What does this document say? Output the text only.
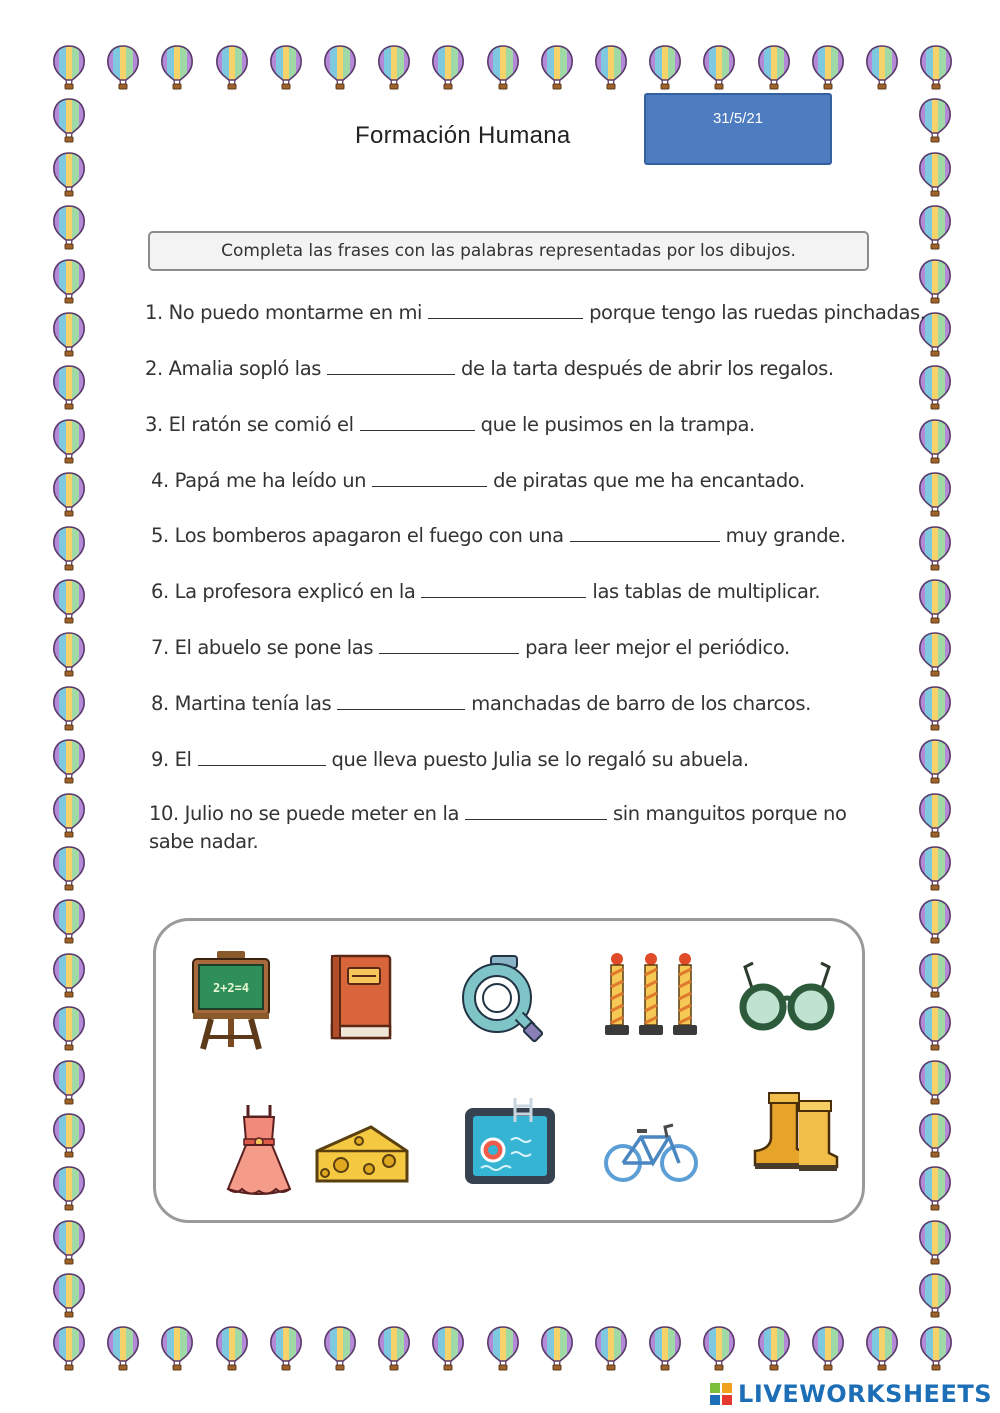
Formación Humana
31/5/21
Completa las frases con las palabras representadas por los dibujos.
1. No puedo montarme en mi	porque tengo las ruedas pinchadas.
2. Amalia sopló las	de la tarta después de abrir los regalos.
3. El ratón se comió el	que le pusimos en la trampa.
4. Papá me ha leído un	de piratas que me ha encantado.
5. Los bomberos apagaron el fuego con una	muy grande.
6. La profesora explicó en la	las tablas de multiplicar.
7. El abuelo se pone las	para leer mejor el periódico.
8. Martina tenía las	manchadas de barro de los charcos.
9. El	que lleva puesto Julia se lo regaló su abuela.
10. Julio no se puede meter en la	sin manguitos porque no sabe nadar.
2+2=4
LIVEWORKSHEETS
